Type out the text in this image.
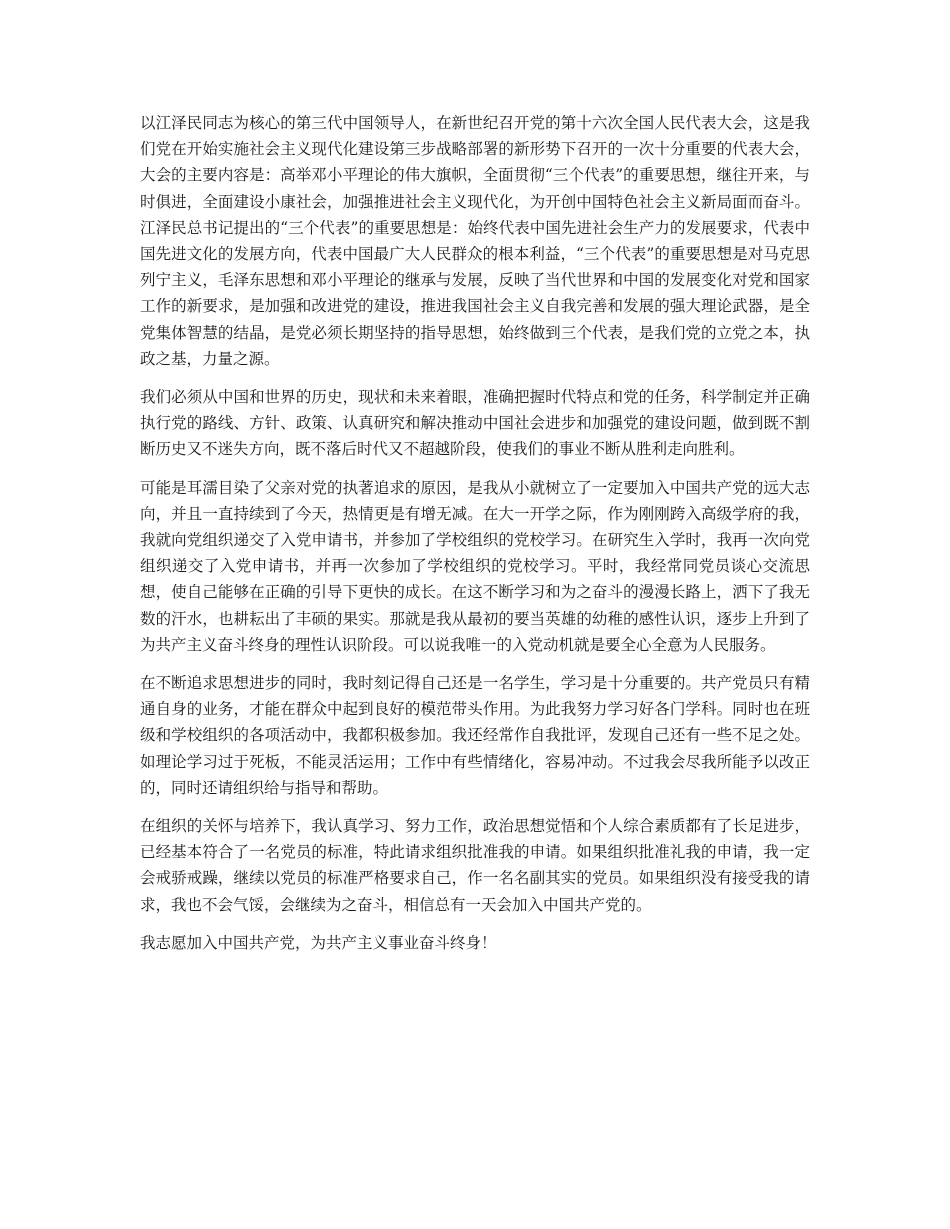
以江泽民同志为核心的第三代中国领导人，在新世纪召开党的第十六次全国人民代表大会，这是我们党在开始实施社会主义现代化建设第三步战略部署的新形势下召开的一次十分重要的代表大会，大会的主要内容是：高举邓小平理论的伟大旗帜，全面贯彻“三个代表”的重要思想，继往开来，与时俱进，全面建设小康社会，加强推进社会主义现代化，为开创中国特色社会主义新局面而奋斗。江泽民总书记提出的“三个代表”的重要思想是：始终代表中国先进社会生产力的发展要求，代表中国先进文化的发展方向，代表中国最广大人民群众的根本利益，“三个代表”的重要思想是对马克思列宁主义，毛泽东思想和邓小平理论的继承与发展，反映了当代世界和中国的发展变化对党和国家工作的新要求，是加强和改进党的建设，推进我国社会主义自我完善和发展的强大理论武器，是全党集体智慧的结晶，是党必须长期坚持的指导思想，始终做到三个代表，是我们党的立党之本，执政之基，力量之源。

我们必须从中国和世界的历史，现状和未来着眼，准确把握时代特点和党的任务，科学制定并正确执行党的路线、方针、政策、认真研究和解决推动中国社会进步和加强党的建设问题，做到既不割断历史又不迷失方向，既不落后时代又不超越阶段，使我们的事业不断从胜利走向胜利。

可能是耳濡目染了父亲对党的执著追求的原因，是我从小就树立了一定要加入中国共产党的远大志向，并且一直持续到了今天，热情更是有增无减。在大一开学之际，作为刚刚跨入高级学府的我，我就向党组织递交了入党申请书，并参加了学校组织的党校学习。在研究生入学时，我再一次向党组织递交了入党申请书，并再一次参加了学校组织的党校学习。平时，我经常同党员谈心交流思想，使自己能够在正确的引导下更快的成长。在这不断学习和为之奋斗的漫漫长路上，洒下了我无数的汗水，也耕耘出了丰硕的果实。那就是我从最初的要当英雄的幼稚的感性认识，逐步上升到了为共产主义奋斗终身的理性认识阶段。可以说我唯一的入党动机就是要全心全意为人民服务。

在不断追求思想进步的同时，我时刻记得自己还是一名学生，学习是十分重要的。共产党员只有精通自身的业务，才能在群众中起到良好的模范带头作用。为此我努力学习好各门学科。同时也在班级和学校组织的各项活动中，我都积极参加。我还经常作自我批评，发现自己还有一些不足之处。如理论学习过于死板，不能灵活运用；工作中有些情绪化，容易冲动。不过我会尽我所能予以改正的，同时还请组织给与指导和帮助。

在组织的关怀与培养下，我认真学习、努力工作，政治思想觉悟和个人综合素质都有了长足进步，已经基本符合了一名党员的标准，特此请求组织批准我的申请。如果组织批准礼我的申请，我一定会戒骄戒躁，继续以党员的标准严格要求自己，作一名名副其实的党员。如果组织没有接受我的请求，我也不会气馁，会继续为之奋斗，相信总有一天会加入中国共产党的。

我志愿加入中国共产党，为共产主义事业奋斗终身！
